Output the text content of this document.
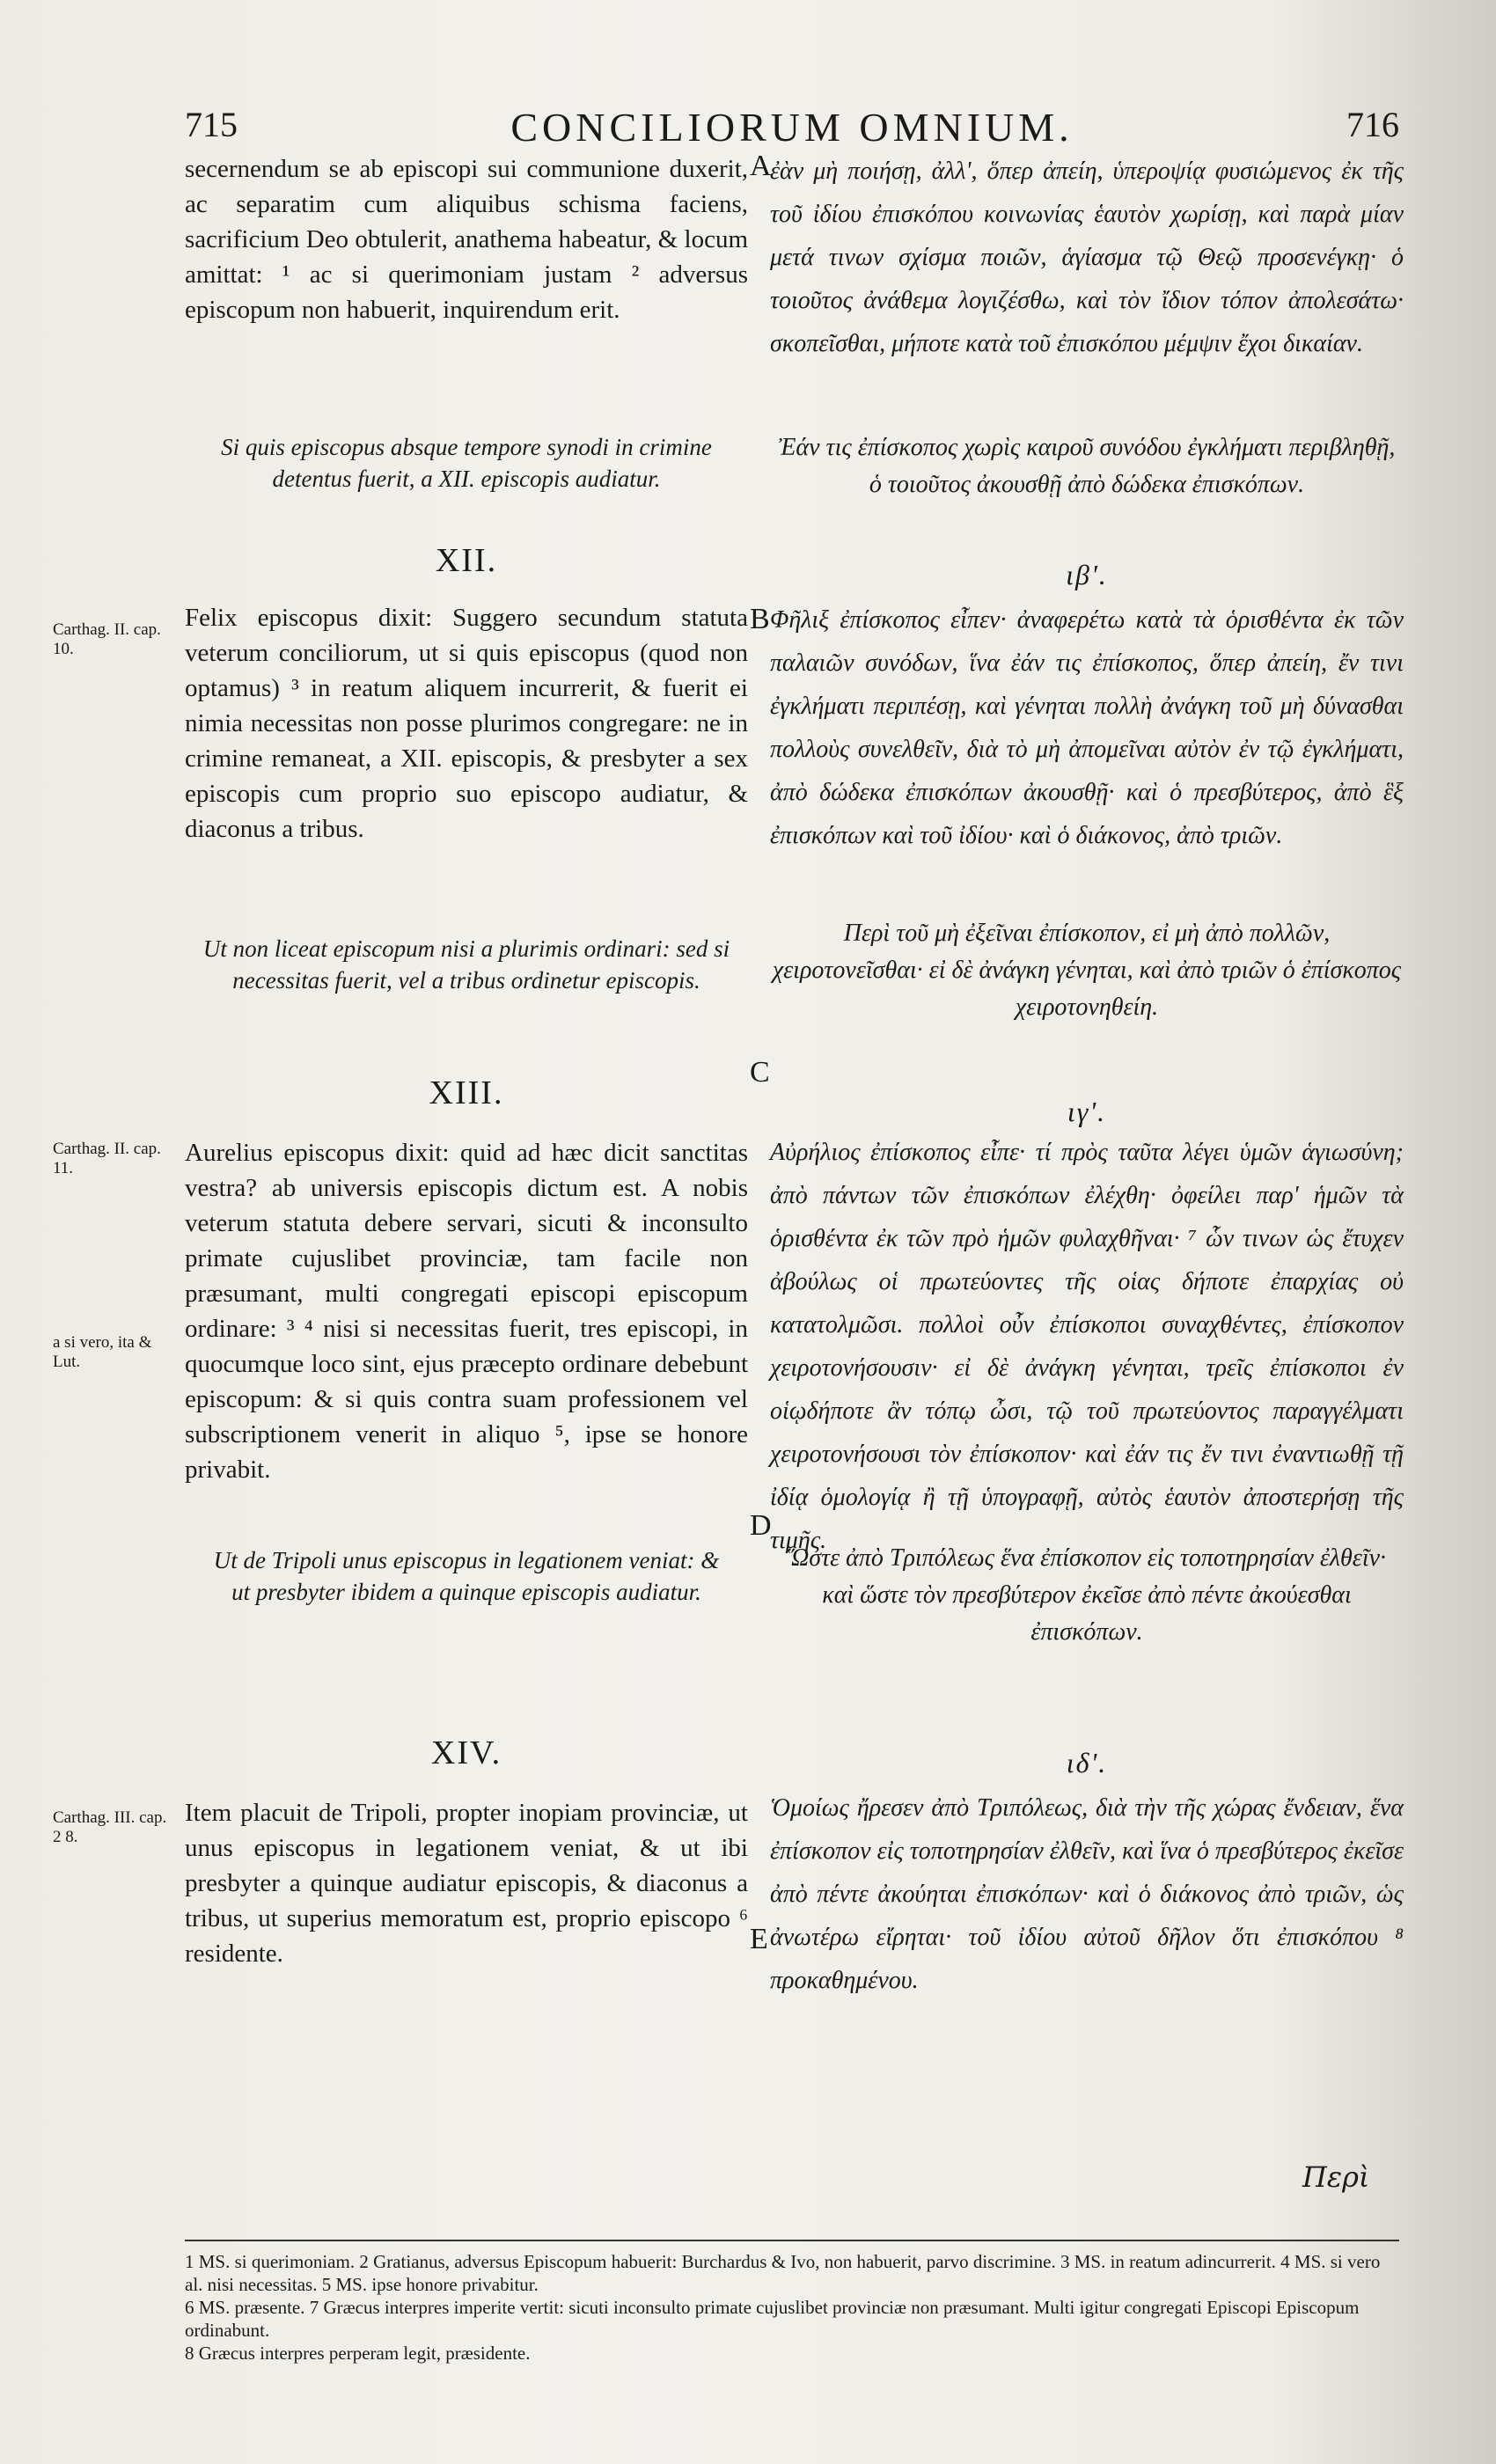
715	CONCILIORUM OMNIUM.	716
A
B
C
D
E
secernendum se ab episcopi sui communione duxerit, ac separatim cum aliquibus schisma faciens, sacrificium Deo obtulerit, anathema habeatur, & locum amittat: ¹ ac si querimoniam justam ² adversus episcopum non habuerit, inquirendum erit.
Si quis episcopus absque tempore synodi in crimine detentus fuerit, a XII. episcopis audiatur.
XII.
Felix episcopus dixit: Suggero secundum statuta veterum conciliorum, ut si quis episcopus (quod non optamus) ³ in reatum aliquem incurrerit, & fuerit ei nimia necessitas non posse plurimos congregare: ne in crimine remaneat, a XII. episcopis, & presbyter a sex episcopis cum proprio suo episcopo audiatur, & diaconus a tribus.
Ut non liceat episcopum nisi a plurimis ordinari: sed si necessitas fuerit, vel a tribus ordinetur episcopis.
XIII.
Aurelius episcopus dixit: quid ad hæc dicit sanctitas vestra? ab universis episcopis dictum est. A nobis veterum statuta debere servari, sicuti & inconsulto primate cujuslibet provinciæ, tam facile non præsumant, multi congregati episcopi episcopum ordinare: ³ ⁴ nisi si necessitas fuerit, tres episcopi, in quocumque loco sint, ejus præcepto ordinare debebunt episcopum: & si quis contra suam professionem vel subscriptionem venerit in aliquo ⁵, ipse se honore privabit.
Ut de Tripoli unus episcopus in legationem veniat: & ut presbyter ibidem a quinque episcopis audiatur.
XIV.
Item placuit de Tripoli, propter inopiam provinciæ, ut unus episcopus in legationem veniat, & ut ibi presbyter a quinque audiatur episcopis, & diaconus a tribus, ut superius memoratum est, proprio episcopo ⁶ residente.
Carthag. II. cap. 10.
Carthag. II. cap. 11.
a si vero, ita & Lut.
Carthag. III. cap. 2 8.
ἐὰν μὴ ποιήσῃ, ἀλλ', ὅπερ ἀπείη, ὑπεροψίᾳ φυσιώμενος ἐκ τῆς τοῦ ἰδίου ἐπισκόπου κοινωνίας ἑαυτὸν χωρίσῃ, καὶ παρὰ μίαν μετά τινων σχίσμα ποιῶν, ἁγίασμα τῷ Θεῷ προσενέγκῃ· ὁ τοιοῦτος ἀνάθεμα λογιζέσθω, καὶ τὸν ἴδιον τόπον ἀπολεσάτω· σκοπεῖσθαι, μήποτε κατὰ τοῦ ἐπισκόπου μέμψιν ἔχοι δικαίαν.
Ἐάν τις ἐπίσκοπος χωρὶς καιροῦ συνόδου ἐγκλήματι περιβληθῇ, ὁ τοιοῦτος ἀκουσθῇ ἀπὸ δώδεκα ἐπισκόπων.
ιβ'.
Φῆλιξ ἐπίσκοπος εἶπεν· ἀναφερέτω κατὰ τὰ ὁρισθέντα ἐκ τῶν παλαιῶν συνόδων, ἵνα ἐάν τις ἐπίσκοπος, ὅπερ ἀπείη, ἔν τινι ἐγκλήματι περιπέσῃ, καὶ γένηται πολλὴ ἀνάγκη τοῦ μὴ δύνασθαι πολλοὺς συνελθεῖν, διὰ τὸ μὴ ἀπομεῖναι αὐτὸν ἐν τῷ ἐγκλήματι, ἀπὸ δώδεκα ἐπισκόπων ἀκουσθῇ· καὶ ὁ πρεσβύτερος, ἀπὸ ἓξ ἐπισκόπων καὶ τοῦ ἰδίου· καὶ ὁ διάκονος, ἀπὸ τριῶν.
Περὶ τοῦ μὴ ἐξεῖναι ἐπίσκοπον, εἰ μὴ ἀπὸ πολλῶν, χειροτονεῖσθαι· εἰ δὲ ἀνάγκη γένηται, καὶ ἀπὸ τριῶν ὁ ἐπίσκοπος χειροτονηθείη.
ιγ'.
Αὐρήλιος ἐπίσκοπος εἶπε· τί πρὸς ταῦτα λέγει ὑμῶν ἁγιωσύνη; ἀπὸ πάντων τῶν ἐπισκόπων ἐλέχθη· ὀφείλει παρ' ἡμῶν τὰ ὁρισθέντα ἐκ τῶν πρὸ ἡμῶν φυλαχθῆναι· ⁷ ὧν τινων ὡς ἔτυχεν ἀβούλως οἱ πρωτεύοντες τῆς οἱας δήποτε ἐπαρχίας οὐ κατατολμῶσι. πολλοὶ οὖν ἐπίσκοποι συναχθέντες, ἐπίσκοπον χειροτονήσουσιν· εἰ δὲ ἀνάγκη γένηται, τρεῖς ἐπίσκοποι ἐν οἱῳδήποτε ἂν τόπῳ ὦσι, τῷ τοῦ πρωτεύοντος παραγγέλματι χειροτονήσουσι τὸν ἐπίσκοπον· καὶ ἐάν τις ἔν τινι ἐναντιωθῇ τῇ ἰδίᾳ ὁμολογίᾳ ἢ τῇ ὑπογραφῇ, αὐτὸς ἑαυτὸν ἀποστερήσῃ τῆς τιμῆς.
Ὥστε ἀπὸ Τριπόλεως ἕνα ἐπίσκοπον εἰς τοποτηρησίαν ἐλθεῖν· καὶ ὥστε τὸν πρεσβύτερον ἐκεῖσε ἀπὸ πέντε ἀκούεσθαι ἐπισκόπων.
ιδ'.
Ὁμοίως ἤρεσεν ἀπὸ Τριπόλεως, διὰ τὴν τῆς χώρας ἔνδειαν, ἕνα ἐπίσκοπον εἰς τοποτηρησίαν ἐλθεῖν, καὶ ἵνα ὁ πρεσβύτερος ἐκεῖσε ἀπὸ πέντε ἀκούηται ἐπισκόπων· καὶ ὁ διάκονος ἀπὸ τριῶν, ὡς ἀνωτέρω εἴρηται· τοῦ ἰδίου αὐτοῦ δῆλον ὅτι ἐπισκόπου ⁸ προκαθημένου.
Περὶ
1 MS. si querimoniam. 2 Gratianus, adversus Episcopum habuerit: Burchardus & Ivo, non habuerit, parvo discrimine. 3 MS. in reatum adincurrerit. 4 MS. si vero al. nisi necessitas. 5 MS. ipse honore privabitur.
6 MS. præsente. 7 Græcus interpres imperite vertit: sicuti inconsulto primate cujuslibet provinciæ non præsumant. Multi igitur congregati Episcopi Episcopum ordinabunt.
8 Græcus interpres perperam legit, præsidente.
